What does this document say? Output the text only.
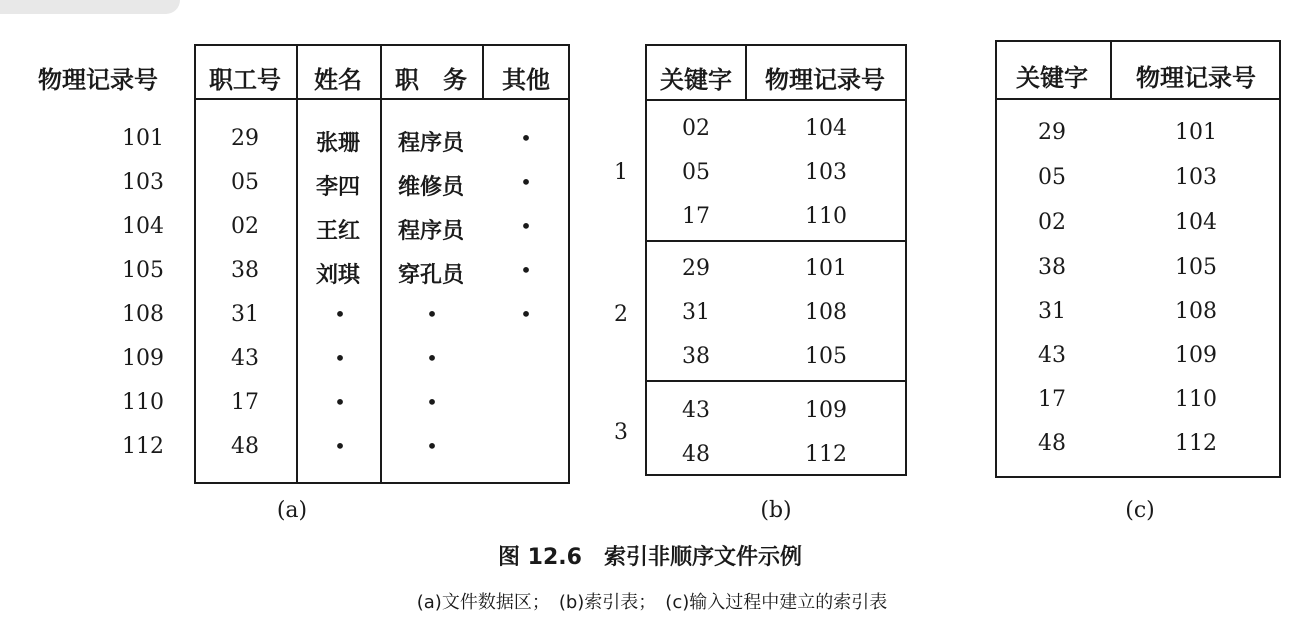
物理记录号
101
103
104
105
108
109
110
112
职工号 姓名 职　务 其他
29
05
02
38
31
43
17
48
张珊
李四
王红
刘琪
•
•
•
•
程序员
维修员
程序员
穿孔员
•
•
•
•
•
•
•
•
•
(a)
关键字 物理记录号
1
2
3
02
05
17
29
31
38
43
48
104
103
110
101
108
105
109
112
(b)
关键字 物理记录号
29
05
02
38
31
43
17
48
101
103
104
105
108
109
110
112
(c)
图 12.6　索引非顺序文件示例
(a)文件数据区；　(b)索引表；　(c)输入过程中建立的索引表
